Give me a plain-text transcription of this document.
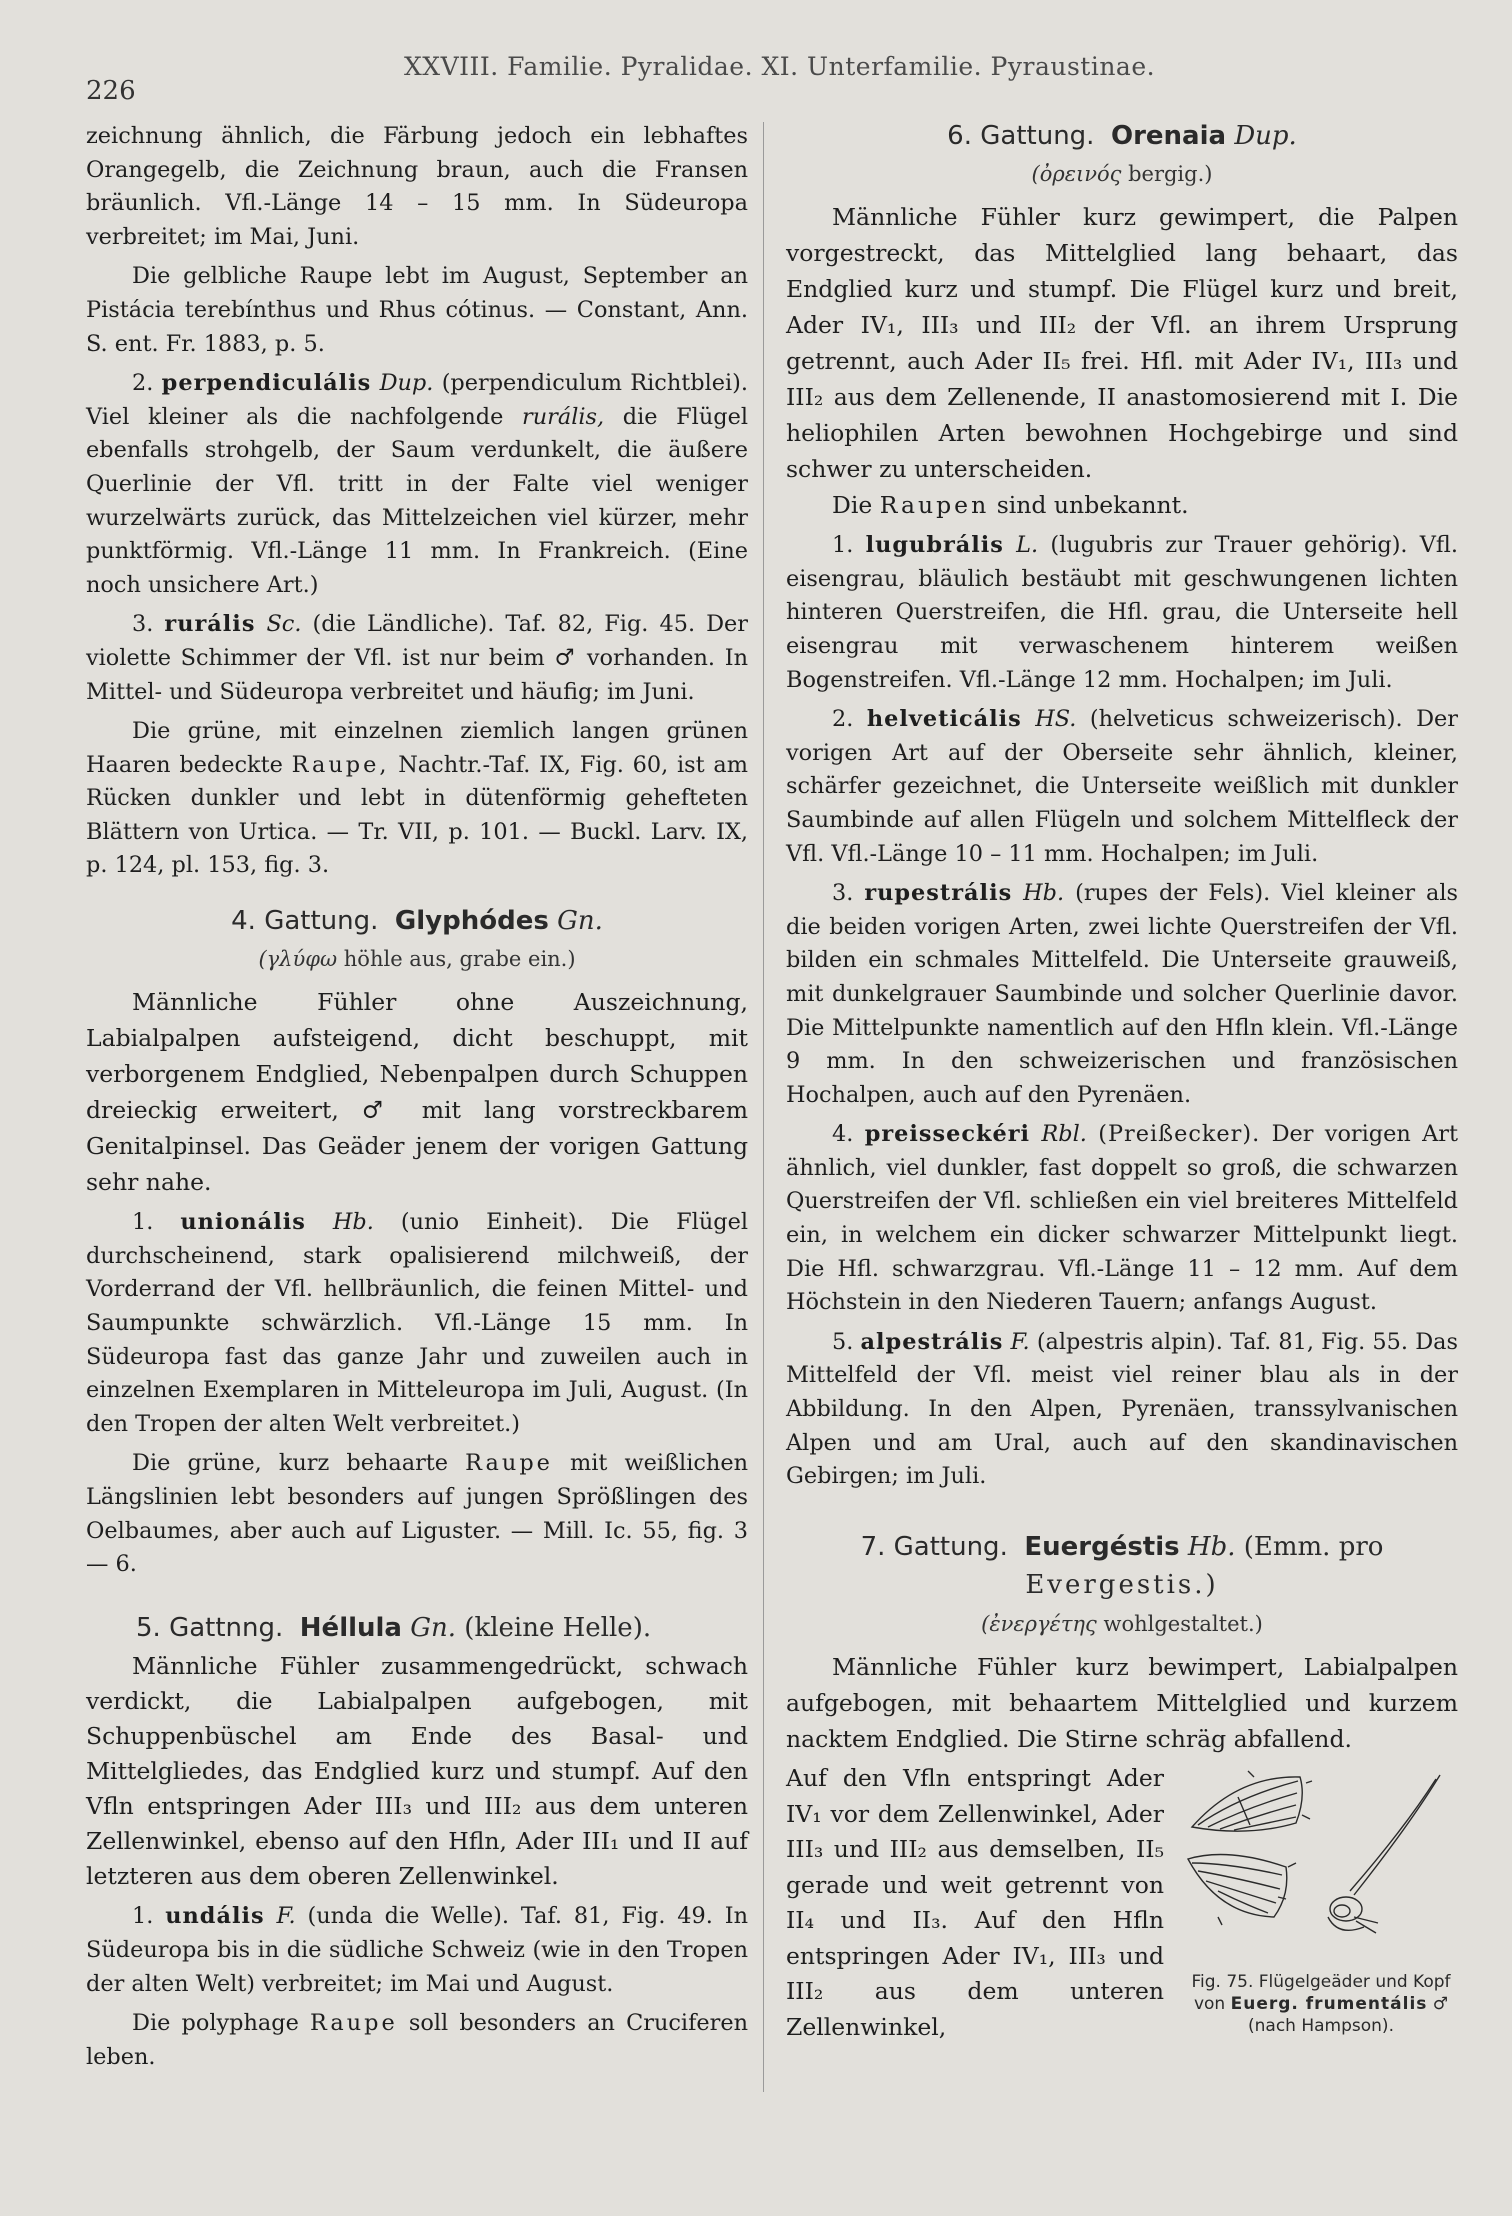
226
XXVIII. Familie. Pyralidae. XI. Unterfamilie. Pyraustinae.

zeichnung ähnlich, die Färbung jedoch ein lebhaftes Orangegelb, die Zeichnung braun, auch die Fransen bräunlich. Vfl.-Länge 14 – 15 mm. In Südeuropa verbreitet; im Mai, Juni.

Die gelbliche Raupe lebt im August, September an Pistácia terebínthus und Rhus cótinus. — Constant, Ann. S. ent. Fr. 1883, p. 5.

2. perpendiculális Dup. (perpendiculum Richtblei). Viel kleiner als die nachfolgende rurális, die Flügel ebenfalls strohgelb, der Saum verdunkelt, die äußere Querlinie der Vfl. tritt in der Falte viel weniger wurzelwärts zurück, das Mittelzeichen viel kürzer, mehr punktförmig. Vfl.-Länge 11 mm. In Frankreich. (Eine noch unsichere Art.)

3. rurális Sc. (die Ländliche). Taf. 82, Fig. 45. Der violette Schimmer der Vfl. ist nur beim ♂ vorhanden. In Mittel- und Südeuropa verbreitet und häufig; im Juni.

Die grüne, mit einzelnen ziemlich langen grünen Haaren bedeckte Raupe, Nachtr.-Taf. IX, Fig. 60, ist am Rücken dunkler und lebt in dütenförmig gehefteten Blättern von Urtica. — Tr. VII, p. 101. — Buckl. Larv. IX, p. 124, pl. 153, fig. 3.

4. Gattung. Glyphódes Gn.
(γλύφω höhle aus, grabe ein.)

Männliche Fühler ohne Auszeichnung, Labialpalpen aufsteigend, dicht beschuppt, mit verborgenem Endglied, Nebenpalpen durch Schuppen dreieckig erweitert, ♂ mit lang vorstreckbarem Genitalpinsel. Das Geäder jenem der vorigen Gattung sehr nahe.

1. unionális Hb. (unio Einheit). Die Flügel durchscheinend, stark opalisierend milchweiß, der Vorderrand der Vfl. hellbräunlich, die feinen Mittel- und Saumpunkte schwärzlich. Vfl.-Länge 15 mm. In Südeuropa fast das ganze Jahr und zuweilen auch in einzelnen Exemplaren in Mitteleuropa im Juli, August. (In den Tropen der alten Welt verbreitet.)

Die grüne, kurz behaarte Raupe mit weißlichen Längslinien lebt besonders auf jungen Sprößlingen des Oelbaumes, aber auch auf Liguster. — Mill. Ic. 55, fig. 3 — 6.

5. Gattnng. Héllula Gn. (kleine Helle).

Männliche Fühler zusammengedrückt, schwach verdickt, die Labialpalpen aufgebogen, mit Schuppenbüschel am Ende des Basal- und Mittelgliedes, das Endglied kurz und stumpf. Auf den Vfln entspringen Ader III₃ und III₂ aus dem unteren Zellenwinkel, ebenso auf den Hfln, Ader III₁ und II auf letzteren aus dem oberen Zellenwinkel.

1. undális F. (unda die Welle). Taf. 81, Fig. 49. In Südeuropa bis in die südliche Schweiz (wie in den Tropen der alten Welt) verbreitet; im Mai und August.

Die polyphage Raupe soll besonders an Cruciferen leben.

6. Gattung. Orenaia Dup.
(ὀρεινός bergig.)

Männliche Fühler kurz gewimpert, die Palpen vorgestreckt, das Mittelglied lang behaart, das Endglied kurz und stumpf. Die Flügel kurz und breit, Ader IV₁, III₃ und III₂ der Vfl. an ihrem Ursprung getrennt, auch Ader II₅ frei. Hfl. mit Ader IV₁, III₃ und III₂ aus dem Zellenende, II anastomosierend mit I. Die heliophilen Arten bewohnen Hochgebirge und sind schwer zu unterscheiden.

Die Raupen sind unbekannt.

1. lugubrális L. (lugubris zur Trauer gehörig). Vfl. eisengrau, bläulich bestäubt mit geschwungenen lichten hinteren Querstreifen, die Hfl. grau, die Unterseite hell eisengrau mit verwaschenem hinterem weißen Bogenstreifen. Vfl.-Länge 12 mm. Hochalpen; im Juli.

2. helveticális HS. (helveticus schweizerisch). Der vorigen Art auf der Oberseite sehr ähnlich, kleiner, schärfer gezeichnet, die Unterseite weißlich mit dunkler Saumbinde auf allen Flügeln und solchem Mittelfleck der Vfl. Vfl.-Länge 10 – 11 mm. Hochalpen; im Juli.

3. rupestrális Hb. (rupes der Fels). Viel kleiner als die beiden vorigen Arten, zwei lichte Querstreifen der Vfl. bilden ein schmales Mittelfeld. Die Unterseite grauweiß, mit dunkelgrauer Saumbinde und solcher Querlinie davor. Die Mittelpunkte namentlich auf den Hfln klein. Vfl.-Länge 9 mm. In den schweizerischen und französischen Hochalpen, auch auf den Pyrenäen.

4. preisseckéri Rbl. (Preißecker). Der vorigen Art ähnlich, viel dunkler, fast doppelt so groß, die schwarzen Querstreifen der Vfl. schließen ein viel breiteres Mittelfeld ein, in welchem ein dicker schwarzer Mittelpunkt liegt. Die Hfl. schwarzgrau. Vfl.-Länge 11 – 12 mm. Auf dem Höchstein in den Niederen Tauern; anfangs August.

5. alpestrális F. (alpestris alpin). Taf. 81, Fig. 55. Das Mittelfeld der Vfl. meist viel reiner blau als in der Abbildung. In den Alpen, Pyrenäen, transsylvanischen Alpen und am Ural, auch auf den skandinavischen Gebirgen; im Juli.

7. Gattung. Euergéstis Hb. (Emm. pro
Evergestis.)
(ἐνεργέτης wohlgestaltet.)

Männliche Fühler kurz bewimpert, Labialpalpen aufgebogen, mit behaartem Mittelglied und kurzem nacktem Endglied. Die Stirne schräg abfallend.

Auf den Vfln entspringt Ader IV₁ vor dem Zellenwinkel, Ader III₃ und III₂ aus demselben, II₅ gerade und weit getrennt von II₄ und II₃. Auf den Hfln entspringen Ader IV₁, III₃ und III₂ aus dem unteren Zellenwinkel,
Fig. 75. Flügelgeäder und Kopf von Euerg. frumentális ♂ (nach Hampson).
